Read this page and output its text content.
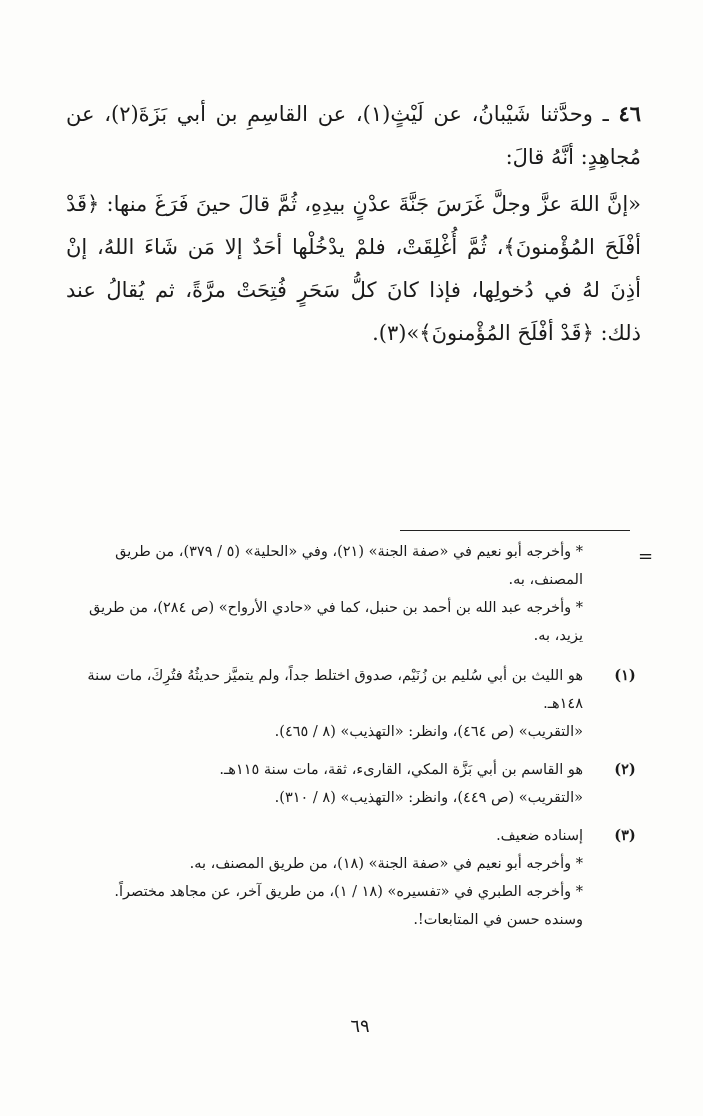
٤٦ ـ وحدَّثنا شَيْبانُ، عن لَيْثٍ(١)، عن القاسِمِ بن أبي بَزَةَ(٢)، عن مُجاهِدٍ: أنَّهُ قالَ:

«إنَّ اللهَ عزَّ وجلَّ غَرَسَ جَنَّةَ عدْنٍ بيدِهِ، ثُمَّ قالَ حينَ فَرَغَ منها: ﴿قَدْ أفْلَحَ المُؤْمنونَ﴾، ثُمَّ أُغْلِقَتْ، فلمْ يدْخُلْها أحَدٌ إلا مَن شَاءَ اللهُ، إنْ أذِنَ لهُ في دُخولِها، فإذا كانَ كلُّ سَحَرٍ فُتِحَتْ مرَّةً، ثم يُقالُ عند ذلك: ﴿قَدْ أفْلَحَ المُؤْمنونَ﴾»(٣).

=

* وأخرجه أبو نعيم في «صفة الجنة» (٢١)، وفي «الحلية» (٥ / ٣٧٩)، من طريق المصنف، به.

* وأخرجه عبد الله بن أحمد بن حنبل، كما في «حادي الأرواح» (ص ٢٨٤)، من طريق يزيد، به.

(١)

هو الليث بن أبي سُليم بن زُنَيْم، صدوق اختلط جداً، ولم يتميَّز حديثُهُ فتُرِكَ، مات سنة ١٤٨هـ.

«التقريب» (ص ٤٦٤)، وانظر: «التهذيب» (٨ / ٤٦٥).

(٢)

هو القاسم بن أبي بَزَّة المكي، القارىء، ثقة، مات سنة ١١٥هـ.

«التقريب» (ص ٤٤٩)، وانظر: «التهذيب» (٨ / ٣١٠).

(٣)

إسناده ضعيف.

* وأخرجه أبو نعيم في «صفة الجنة» (١٨)، من طريق المصنف، به.

* وأخرجه الطبري في «تفسيره» (١٨ / ١)، من طريق آخر، عن مجاهد مختصراً.

وسنده حسن في المتابعات!.

٦٩
